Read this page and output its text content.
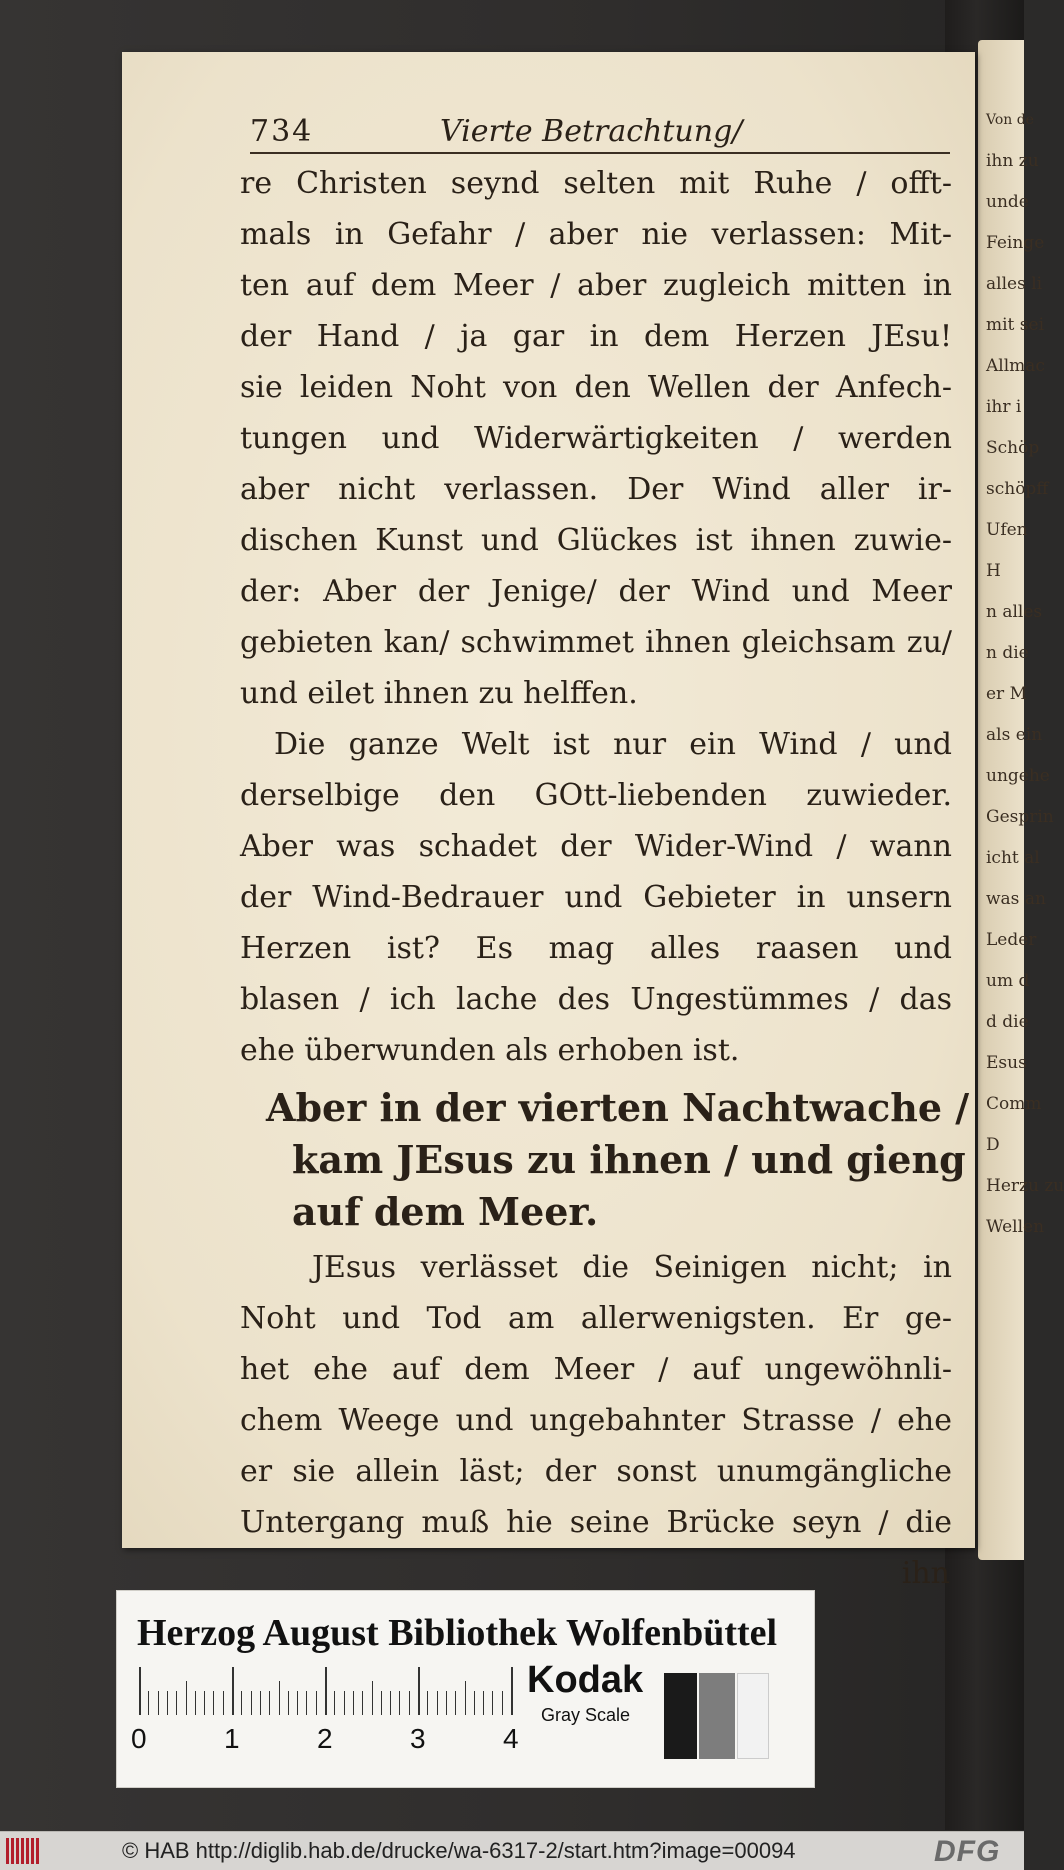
Von de
ihn zu
unde
Feinge
alles li
mit sei
Allmac
ihr i
Schöp
schöpff
Ufen
H
n alles
n die
er M
als ein
ungehe
Gesprin
icht al
was an
Leder
um d
d die
Esus
Comm
D
Herzu zu
Wellen
734	Vierte Betrachtung/
re Christen seynd selten mit Ruhe / offt-
mals in Gefahr / aber nie verlassen: Mit-
ten auf dem Meer / aber zugleich mitten in
der Hand / ja gar in dem Herzen JEsu!
sie leiden Noht von den Wellen der Anfech-
tungen und Widerwärtigkeiten / werden
aber nicht verlassen. Der Wind aller ir-
dischen Kunst und Glückes ist ihnen zuwie-
der: Aber der Jenige/ der Wind und Meer
gebieten kan/ schwimmet ihnen gleichsam zu/
und eilet ihnen zu helffen.
Die ganze Welt ist nur ein Wind / und
derselbige den GOtt-liebenden zuwieder.
Aber was schadet der Wider-Wind / wann
der Wind-Bedrauer und Gebieter in unsern
Herzen ist? Es mag alles raasen und
blasen / ich lache des Ungestümmes / das
ehe überwunden als erhoben ist.
Aber in der vierten Nachtwache /
kam JEsus zu ihnen / und gieng
auf dem Meer.
JEsus verlässet die Seinigen nicht; in
Noht und Tod am allerwenigsten. Er ge-
het ehe auf dem Meer / auf ungewöhnli-
chem Weege und ungebahnter Strasse / ehe
er sie allein läst; der sonst unumgängliche
Untergang muß hie seine Brücke seyn / die
ihn
Herzog August Bibliothek Wolfenbüttel
0	1	2	3	4
Kodak
Gray Scale
© HAB http://diglib.hab.de/drucke/wa-6317-2/start.htm?image=00094	DFG
